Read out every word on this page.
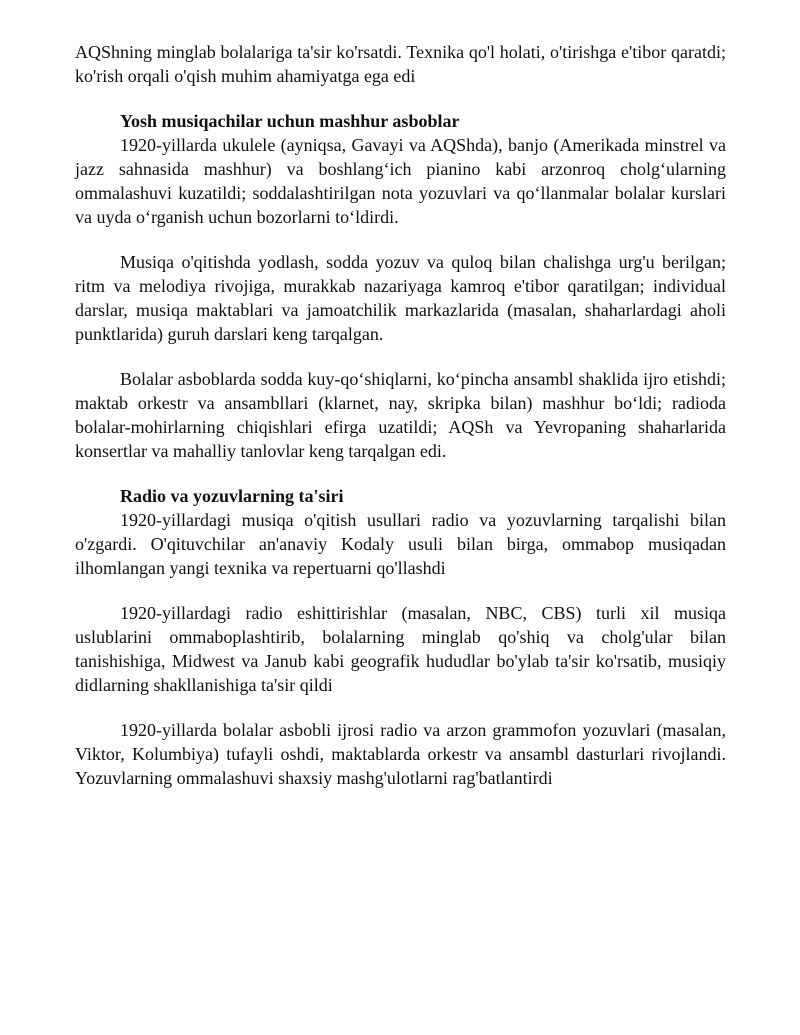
AQShning minglab bolalariga ta'sir ko'rsatdi. Texnika qo'l holati, o'tirishga e'tibor qaratdi; ko'rish orqali o'qish muhim ahamiyatga ega edi

Yosh musiqachilar uchun mashhur asboblar

1920-yillarda ukulele (ayniqsa, Gavayi va AQShda), banjo (Amerikada minstrel va jazz sahnasida mashhur) va boshlang‘ich pianino kabi arzonroq cholg‘ularning ommalashuvi kuzatildi; soddalashtirilgan nota yozuvlari va qo‘llanmalar bolalar kurslari va uyda o‘rganish uchun bozorlarni to‘ldirdi.

Musiqa o'qitishda yodlash, sodda yozuv va quloq bilan chalishga urg'u berilgan; ritm va melodiya rivojiga, murakkab nazariyaga kamroq e'tibor qaratilgan; individual darslar, musiqa maktablari va jamoatchilik markazlarida (masalan, shaharlardagi aholi punktlarida) guruh darslari keng tarqalgan.

Bolalar asboblarda sodda kuy-qo‘shiqlarni, ko‘pincha ansambl shaklida ijro etishdi; maktab orkestr va ansambllari (klarnet, nay, skripka bilan) mashhur bo‘ldi; radioda bolalar-mohirlarning chiqishlari efirga uzatildi; AQSh va Yevropaning shaharlarida konsertlar va mahalliy tanlovlar keng tarqalgan edi.

Radio va yozuvlarning ta'siri

1920-yillardagi musiqa o'qitish usullari radio va yozuvlarning tarqalishi bilan o'zgardi. O'qituvchilar an'anaviy Kodaly usuli bilan birga, ommabop musiqadan ilhomlangan yangi texnika va repertuarni qo'llashdi

1920-yillardagi radio eshittirishlar (masalan, NBC, CBS) turli xil musiqa uslublarini ommaboplashtirib, bolalarning minglab qo'shiq va cholg'ular bilan tanishishiga, Midwest va Janub kabi geografik hududlar bo'ylab ta'sir ko'rsatib, musiqiy didlarning shakllanishiga ta'sir qildi

1920-yillarda bolalar asbobli ijrosi radio va arzon grammofon yozuvlari (masalan, Viktor, Kolumbiya) tufayli oshdi, maktablarda orkestr va ansambl dasturlari rivojlandi. Yozuvlarning ommalashuvi shaxsiy mashg'ulotlarni rag'batlantirdi
